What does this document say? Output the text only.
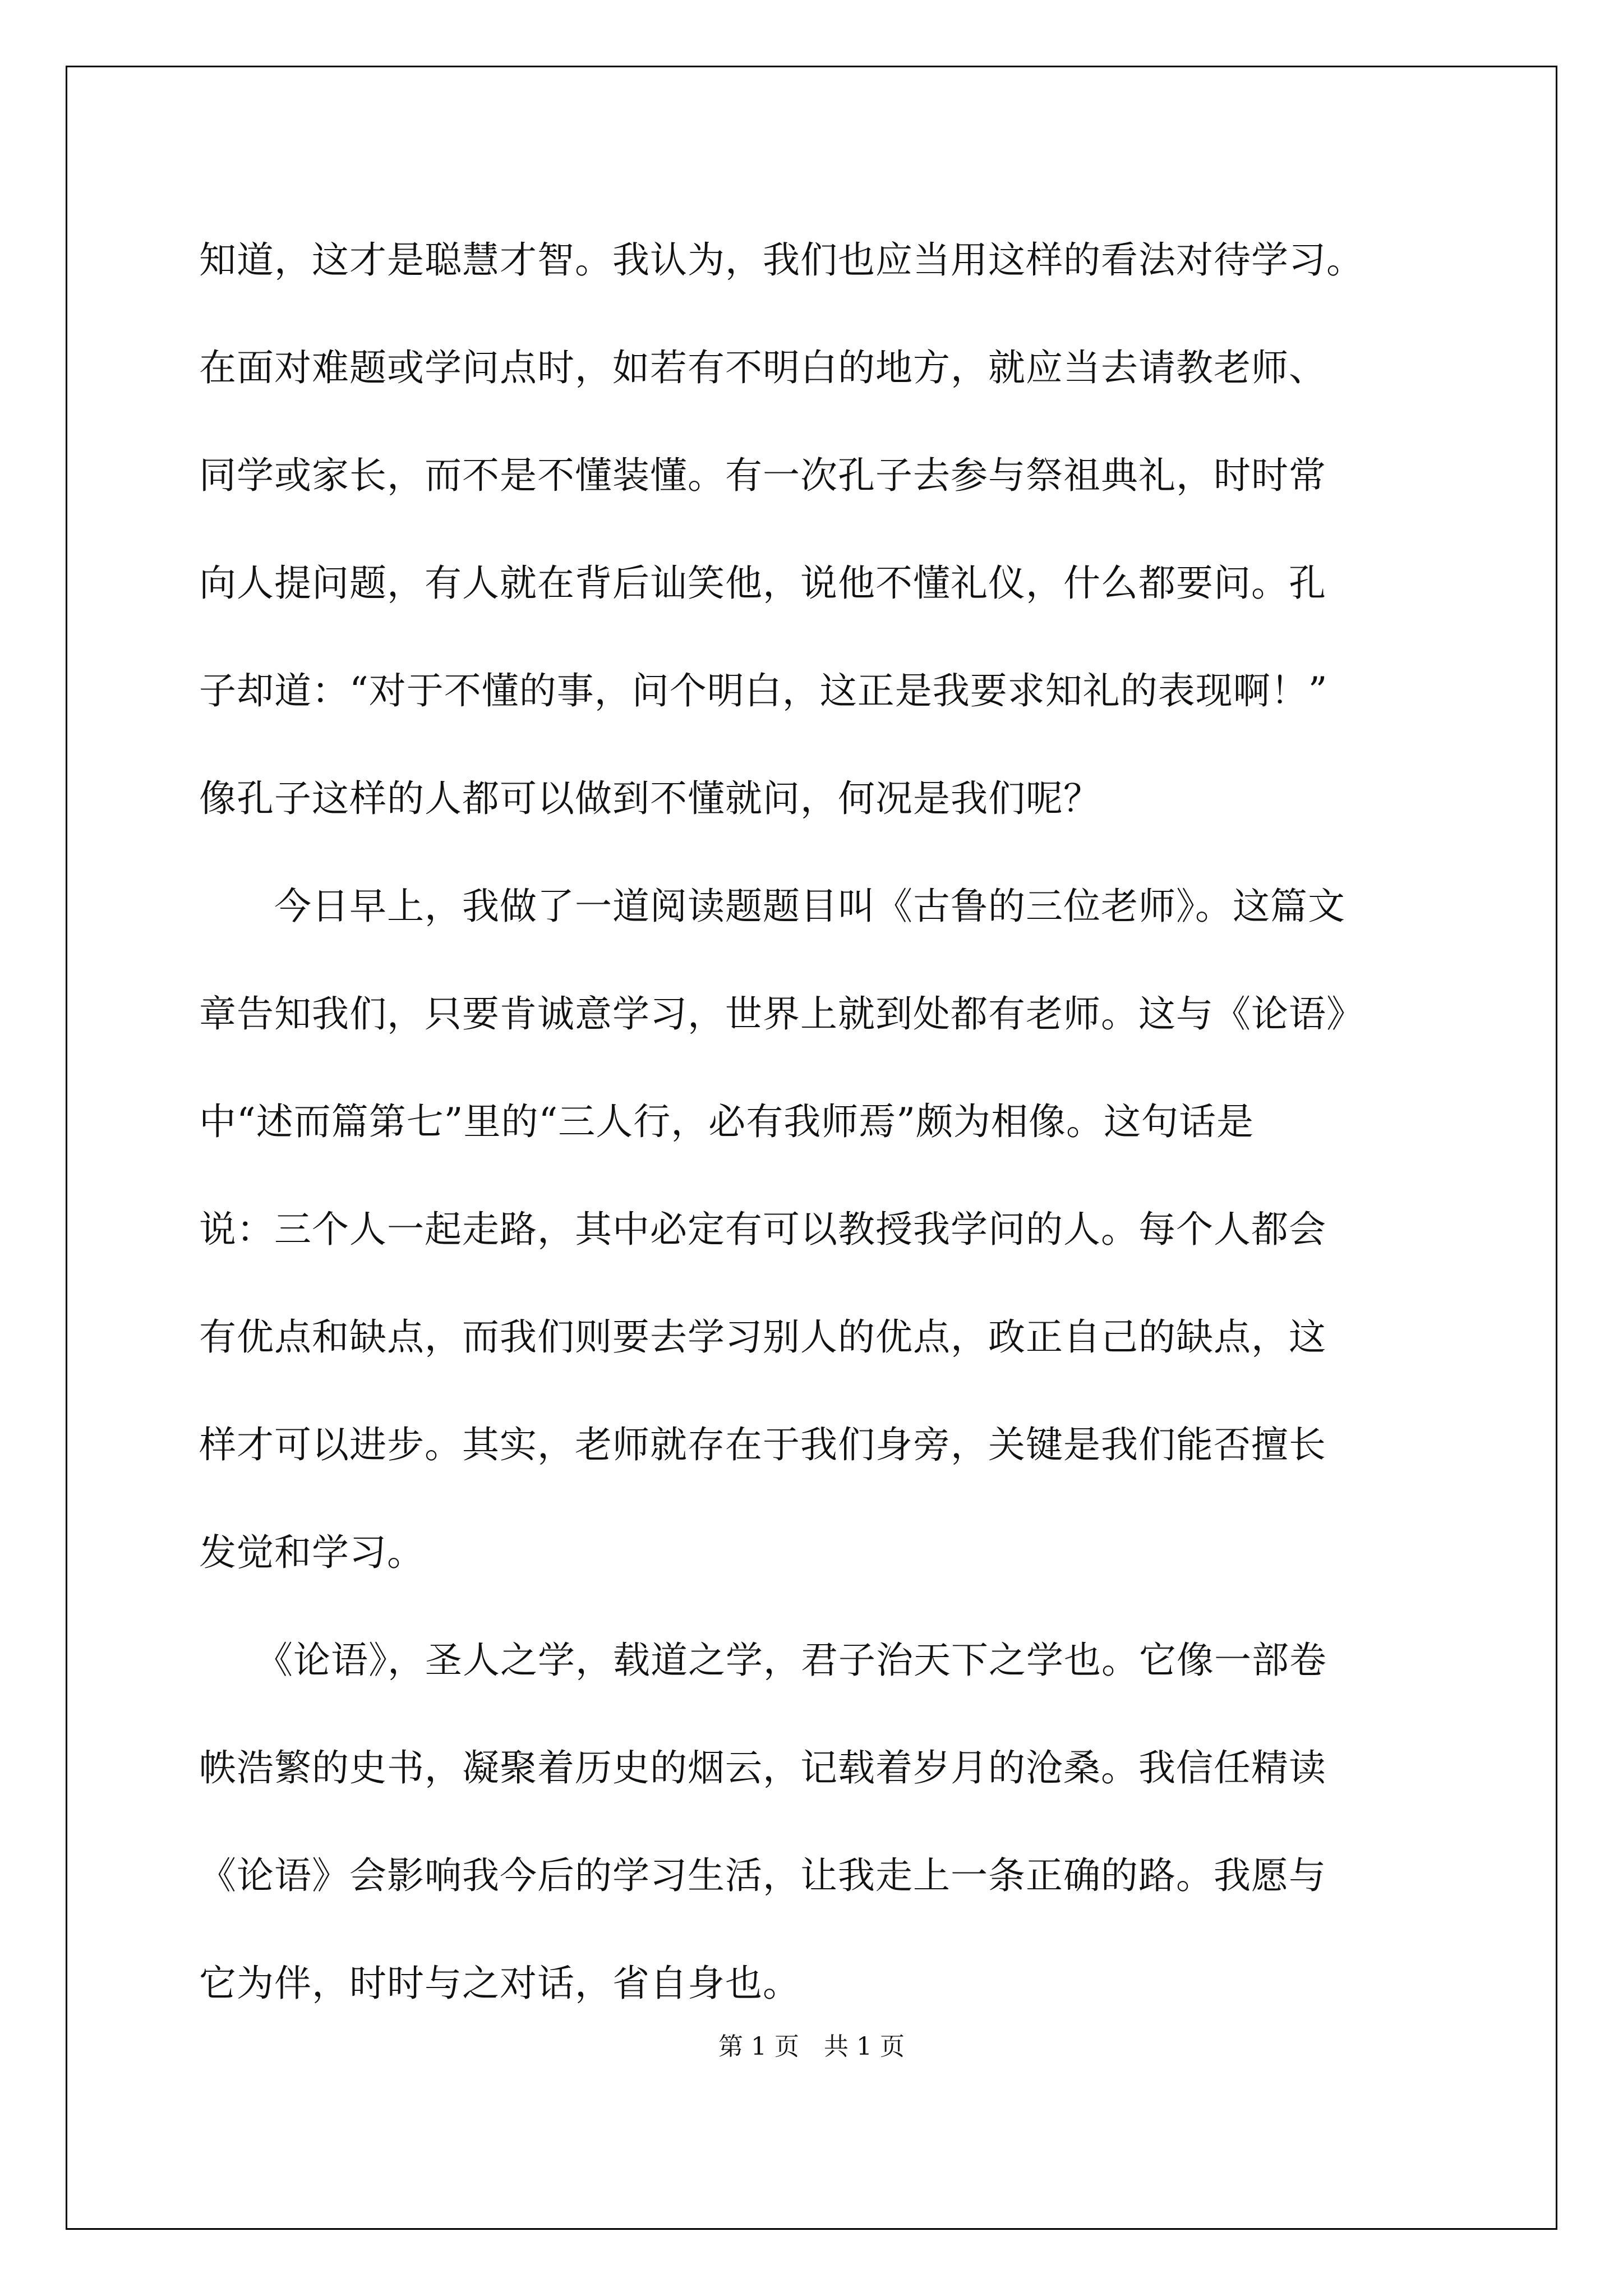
知道，这才是聪慧才智。我认为，我们也应当用这样的看法对待学习。
在面对难题或学问点时，如若有不明白的地方，就应当去请教老师、
同学或家长，而不是不懂装懂。有一次孔子去参与祭祖典礼，时时常
向人提问题，有人就在背后讪笑他，说他不懂礼仪，什么都要问。孔
子却道：“对于不懂的事，问个明白，这正是我要求知礼的表现啊！”
像孔子这样的人都可以做到不懂就问，何况是我们呢？
　　今日早上，我做了一道阅读题题目叫《古鲁的三位老师》。这篇文
章告知我们，只要肯诚意学习，世界上就到处都有老师。这与《论语》
中“述而篇第七”里的“三人行，必有我师焉”颇为相像。这句话是
说：三个人一起走路，其中必定有可以教授我学问的人。每个人都会
有优点和缺点，而我们则要去学习别人的优点，政正自己的缺点，这
样才可以进步。其实，老师就存在于我们身旁，关键是我们能否擅长
发觉和学习。
　　《论语》，圣人之学，载道之学，君子治天下之学也。它像一部卷
帙浩繁的史书，凝聚着历史的烟云，记载着岁月的沧桑。我信任精读
《论语》会影响我今后的学习生活，让我走上一条正确的路。我愿与
它为伴，时时与之对话，省自身也。
第 1 页　共 1 页
